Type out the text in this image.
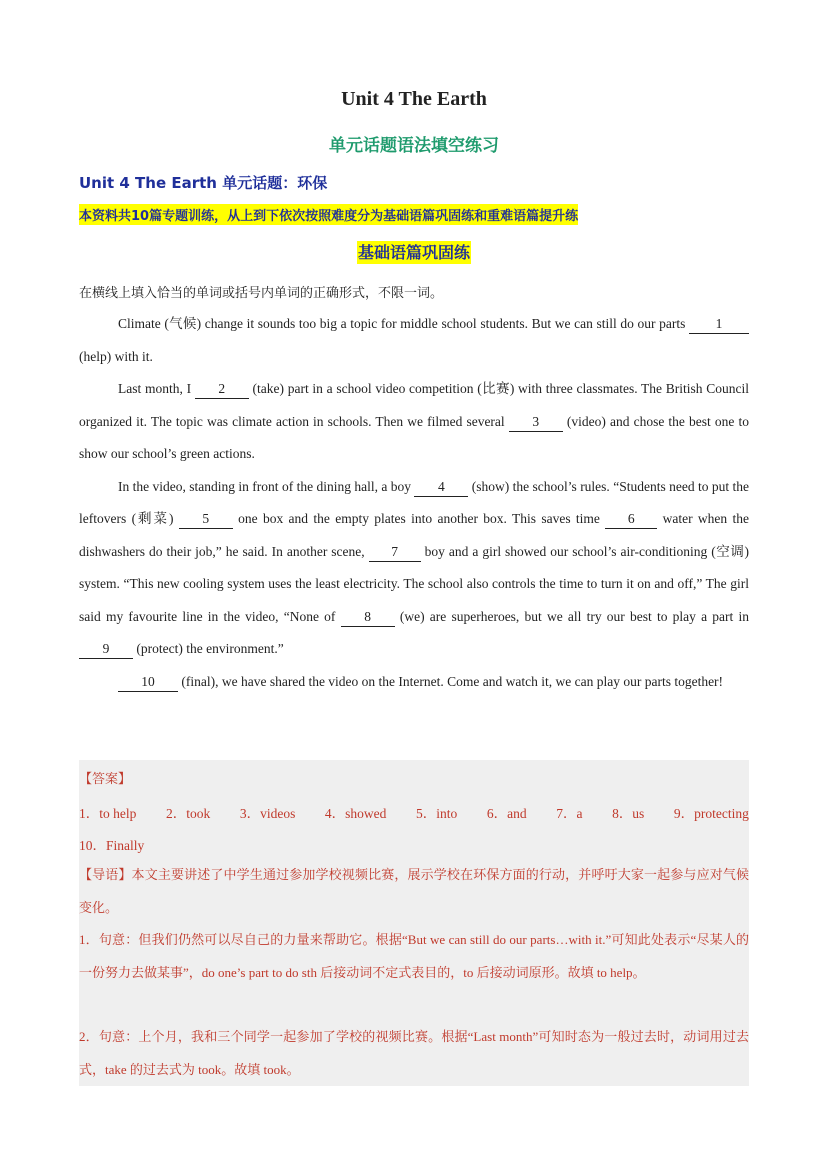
Unit 4 The Earth
单元话题语法填空练习
Unit 4 The Earth 单元话题：环保
本资料共10篇专题训练，从上到下依次按照难度分为基础语篇巩固练和重难语篇提升练
基础语篇巩固练
在横线上填入恰当的单词或括号内单词的正确形式，不限一词。

Climate (气候) change it sounds too big a topic for middle school students. But we can still do our parts 1 (help) with it.

Last month, I 2 (take) part in a school video competition (比赛) with three classmates. The British Council organized it. The topic was climate action in schools. Then we filmed several 3 (video) and chose the best one to show our school’s green actions.

In the video, standing in front of the dining hall, a boy 4 (show) the school’s rules. “Students need to put the leftovers (剩菜) 5 one box and the empty plates into another box. This saves time 6 water when the dishwashers do their job,” he said. In another scene, 7 boy and a girl showed our school’s air-conditioning (空调) system. “This new cooling system uses the least electricity. The school also controls the time to turn it on and off,” The girl said my favourite line in the video, “None of 8 (we) are superheroes, but we all try our best to play a part in 9 (protect) the environment.”

10 (final), we have shared the video on the Internet. Come and watch it, we can play our parts together!

【答案】
1．to help 2．took 3．videos 4．showed 5．into 6．and 7．a 8．us 9．protecting
10．Finally
【导语】本文主要讲述了中学生通过参加学校视频比赛，展示学校在环保方面的行动，并呼吁大家一起参与应对气候变化。
1．句意：但我们仍然可以尽自己的力量来帮助它。根据“But we can still do our parts…with it.”可知此处表示“尽某人的一份努力去做某事”，do one’s part to do sth 后接动词不定式表目的，to 后接动词原形。故填 to help。
2．句意：上个月，我和三个同学一起参加了学校的视频比赛。根据“Last month”可知时态为一般过去时，动词用过去式，take 的过去式为 took。故填 took。
